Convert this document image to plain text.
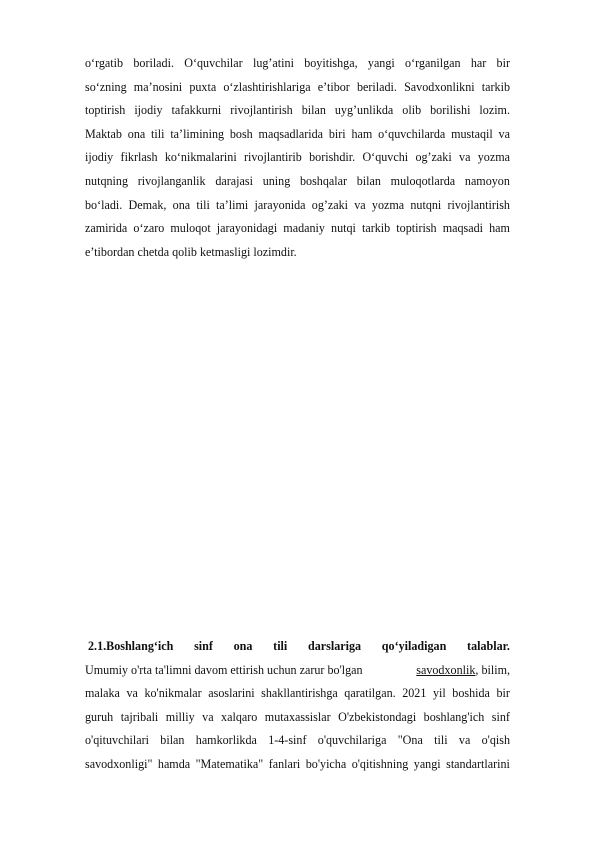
o‘rgatib boriladi. O‘quvchilar lug’atini boyitishga, yangi o‘rganilgan har bir
so‘zning ma’nosini puxta o‘zlashtirishlariga e’tibor beriladi. Savodxonlikni tarkib
toptirish ijodiy tafakkurni rivojlantirish bilan uyg’unlikda olib borilishi lozim.
Maktab ona tili ta’limining bosh maqsadlarida biri ham o‘quvchilarda mustaqil va
ijodiy fikrlash ko‘nikmalarini rivojlantirib borishdir. O‘quvchi og’zaki va yozma
nutqning rivojlanganlik darajasi uning boshqalar bilan muloqotlarda namoyon
bo‘ladi. Demak, ona tili ta’limi jarayonida og’zaki va yozma nutqni rivojlantirish
zamirida o‘zaro muloqot jarayonidagi madaniy nutqi tarkib toptirish maqsadi ham
e’tibordan chetda qolib ketmasligi lozimdir.
2.1.Boshlang‘ich sinf ona tili darslariga qo‘yiladigan talablar.
Umumiy o'rta ta'limni davom ettirish uchun zarur bo'lgan	savodxonlik, bilim,
malaka va ko'nikmalar asoslarini shakllantirishga qaratilgan. 2021 yil boshida bir
guruh tajribali milliy va xalqaro mutaxassislar O'zbekistondagi boshlang'ich sinf
o'qituvchilari bilan hamkorlikda 1-4-sinf o'quvchilariga "Ona tili va o'qish
savodxonligi" hamda "Matematika" fanlari bo'yicha o'qitishning yangi standartlarini
